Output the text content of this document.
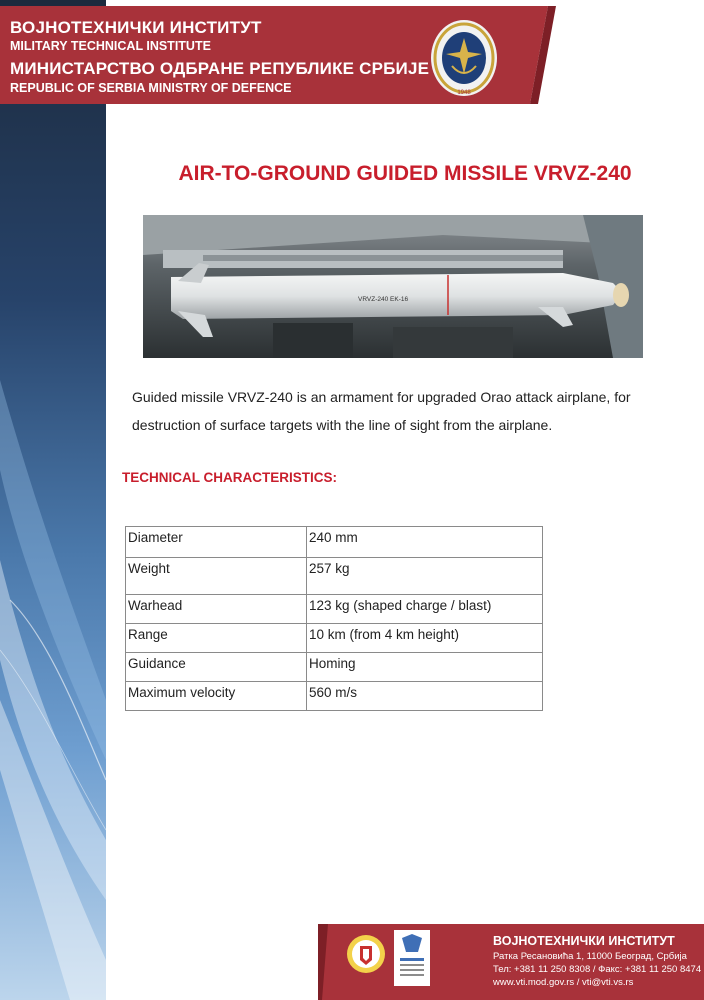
ВОЈНОТЕХНИЧКИ ИНСТИТУТ
MILITARY TECHNICAL INSTITUTE
МИНИСТАРСТВО ОДБРАНЕ РЕПУБЛИКЕ СРБИЈЕ
REPUBLIC OF SERBIA MINISTRY OF DEFENCE	1948
AIR-TO-GROUND GUIDED MISSILE VRVZ-240
VRVZ-240 EK-16
Guided missile VRVZ-240 is an armament for upgraded Orao attack airplane, for destruction of surface targets with the line of sight from the airplane.
TECHNICAL CHARACTERISTICS:
Diameter	240 mm
Weight	257 kg
Warhead	123 kg (shaped charge / blast)
Range	10 km (from 4 km height)
Guidance	Homing
Maximum velocity	560 m/s
ВОЈНОТЕХНИЧКИ ИНСТИТУТ
Ратка Ресановића 1, 11000 Београд, Србија
Тел: +381 11 250 8308 / Факс: +381 11 250 8474
www.vti.mod.gov.rs / vti@vti.vs.rs
